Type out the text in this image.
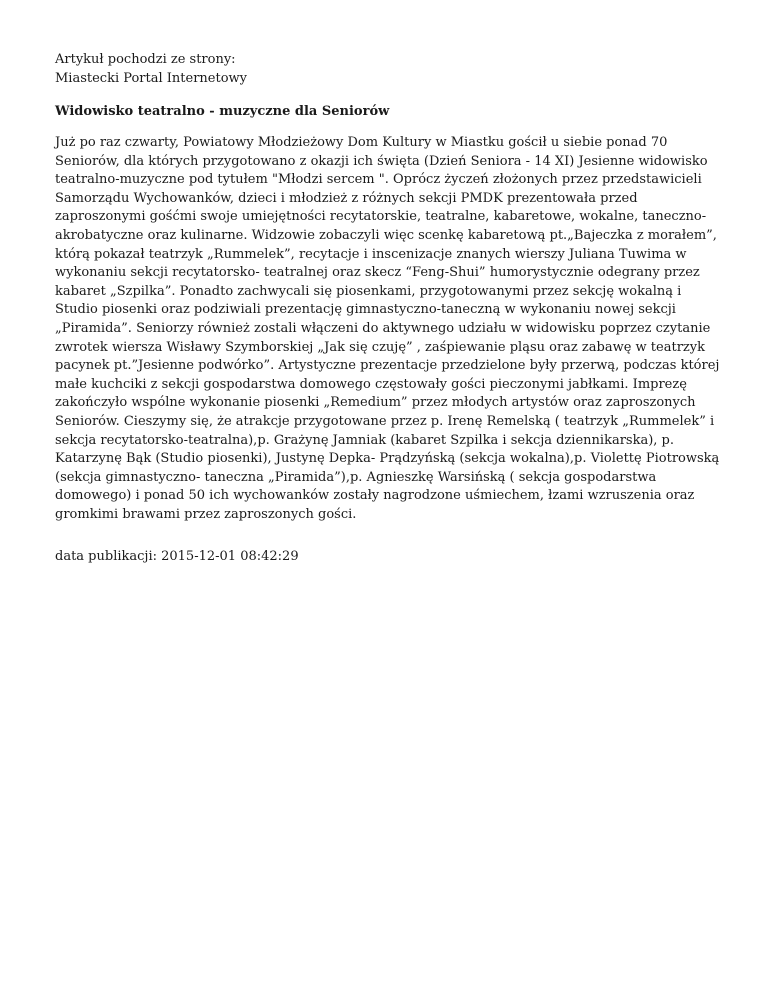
Artykuł pochodzi ze strony:
Miastecki Portal Internetowy
Widowisko teatralno - muzyczne dla Seniorów
Już po raz czwarty, Powiatowy Młodzieżowy Dom Kultury w Miastku gościł u siebie ponad 70
Seniorów, dla których przygotowano z okazji ich święta (Dzień Seniora - 14 XI) Jesienne widowisko
teatralno-muzyczne pod tytułem "Młodzi sercem ". Oprócz życzeń złożonych przez przedstawicieli
Samorządu Wychowanków, dzieci i młodzież z różnych sekcji PMDK prezentowała przed
zaproszonymi gośćmi swoje umiejętności recytatorskie, teatralne, kabaretowe, wokalne, taneczno-
akrobatyczne oraz kulinarne. Widzowie zobaczyli więc scenkę kabaretową pt.„Bajeczka z morałem”,
którą pokazał teatrzyk „Rummelek”, recytacje i inscenizacje znanych wierszy Juliana Tuwima w
wykonaniu sekcji recytatorsko- teatralnej oraz skecz “Feng-Shui” humorystycznie odegrany przez
kabaret „Szpilka”. Ponadto zachwycali się piosenkami, przygotowanymi przez sekcję wokalną i
Studio piosenki oraz podziwiali prezentację gimnastyczno-taneczną w wykonaniu nowej sekcji
„Piramida”. Seniorzy również zostali włączeni do aktywnego udziału w widowisku poprzez czytanie
zwrotek wiersza Wisławy Szymborskiej „Jak się czuję” , zaśpiewanie pląsu oraz zabawę w teatrzyk
pacynek pt.”Jesienne podwórko”. Artystyczne prezentacje przedzielone były przerwą, podczas której
małe kuchciki z sekcji gospodarstwa domowego częstowały gości pieczonymi jabłkami. Imprezę
zakończyło wspólne wykonanie piosenki „Remedium” przez młodych artystów oraz zaproszonych
Seniorów. Cieszymy się, że atrakcje przygotowane przez p. Irenę Remelską ( teatrzyk „Rummelek” i
sekcja recytatorsko-teatralna),p. Grażynę Jamniak (kabaret Szpilka i sekcja dziennikarska), p.
Katarzynę Bąk (Studio piosenki), Justynę Depka- Prądzyńską (sekcja wokalna),p. Violettę Piotrowską
(sekcja gimnastyczno- taneczna „Piramida”),p. Agnieszkę Warsińską ( sekcja gospodarstwa
domowego) i ponad 50 ich wychowanków zostały nagrodzone uśmiechem, łzami wzruszenia oraz
gromkimi brawami przez zaproszonych gości.
data publikacji: 2015-12-01 08:42:29
